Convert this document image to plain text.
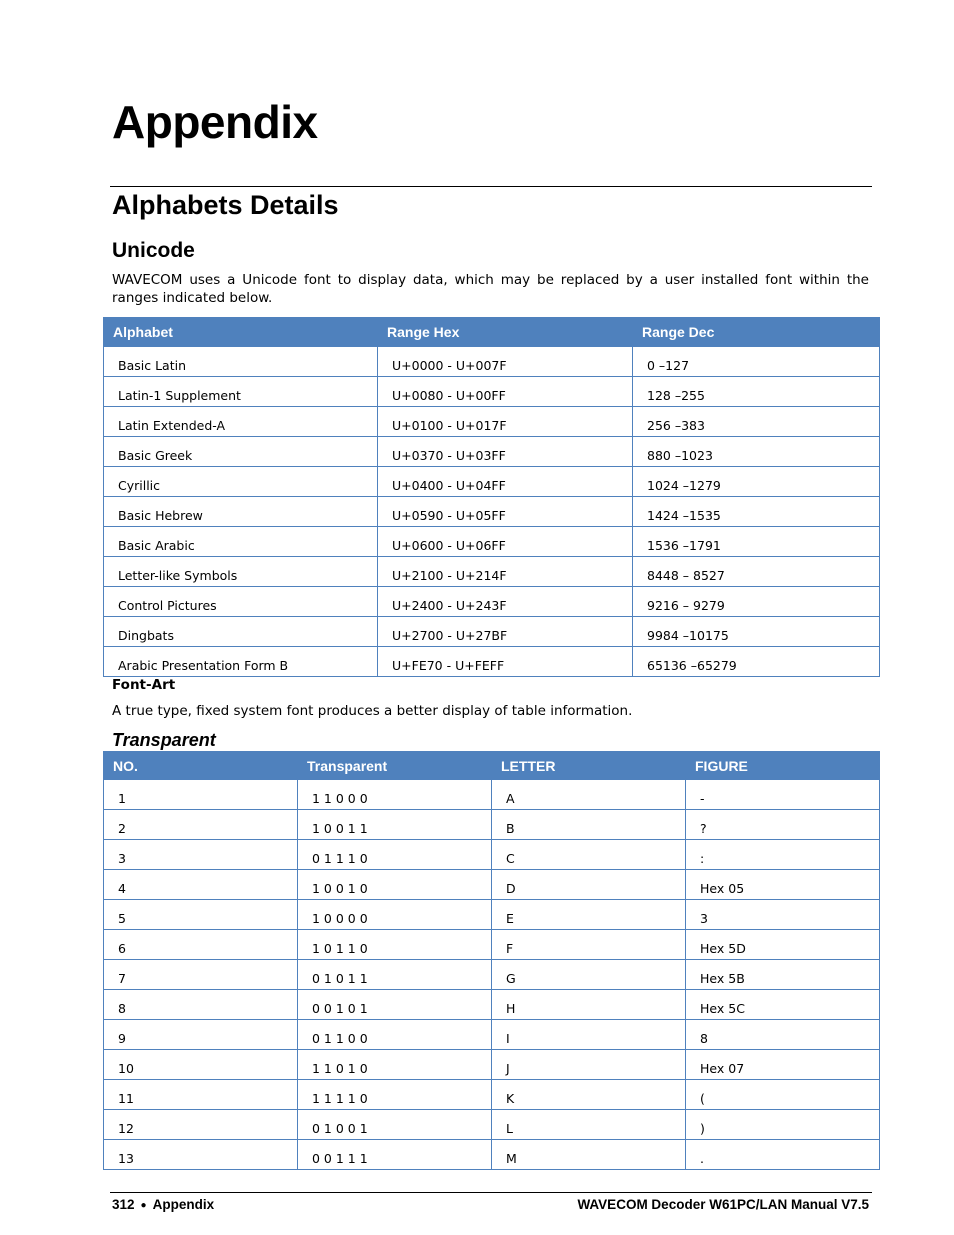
Appendix
Alphabets Details
Unicode

WAVECOM uses a Unicode font to display data, which may be replaced by a user installed font within the ranges indicated below.

Alphabet	Range Hex	Range Dec
Basic Latin	U+0000 - U+007F	0 –127
Latin-1 Supplement	U+0080 - U+00FF	128 –255
Latin Extended-A	U+0100 - U+017F	256 –383
Basic Greek	U+0370 - U+03FF	880 –1023
Cyrillic	U+0400 - U+04FF	1024 –1279
Basic Hebrew	U+0590 - U+05FF	1424 –1535
Basic Arabic	U+0600 - U+06FF	1536 –1791
Letter-like Symbols	U+2100 - U+214F	8448 – 8527
Control Pictures	U+2400 - U+243F	9216 – 9279
Dingbats	U+2700 - U+27BF	9984 –10175
Arabic Presentation Form B	U+FE70 - U+FEFF	65136 –65279

Font-Art

A true type, fixed system font produces a better display of table information.

Transparent
NO.	Transparent	LETTER	FIGURE
1	1 1 0 0 0	A	-
2	1 0 0 1 1	B	?
3	0 1 1 1 0	C	:
4	1 0 0 1 0	D	Hex 05
5	1 0 0 0 0	E	3
6	1 0 1 1 0	F	Hex 5D
7	0 1 0 1 1	G	Hex 5B
8	0 0 1 0 1	H	Hex 5C
9	0 1 1 0 0	I	8
10	1 1 0 1 0	J	Hex 07
11	1 1 1 1 0	K	(
12	0 1 0 0 1	L	)
13	0 0 1 1 1	M	.
312 ● Appendix	WAVECOM Decoder W61PC/LAN Manual V7.5
